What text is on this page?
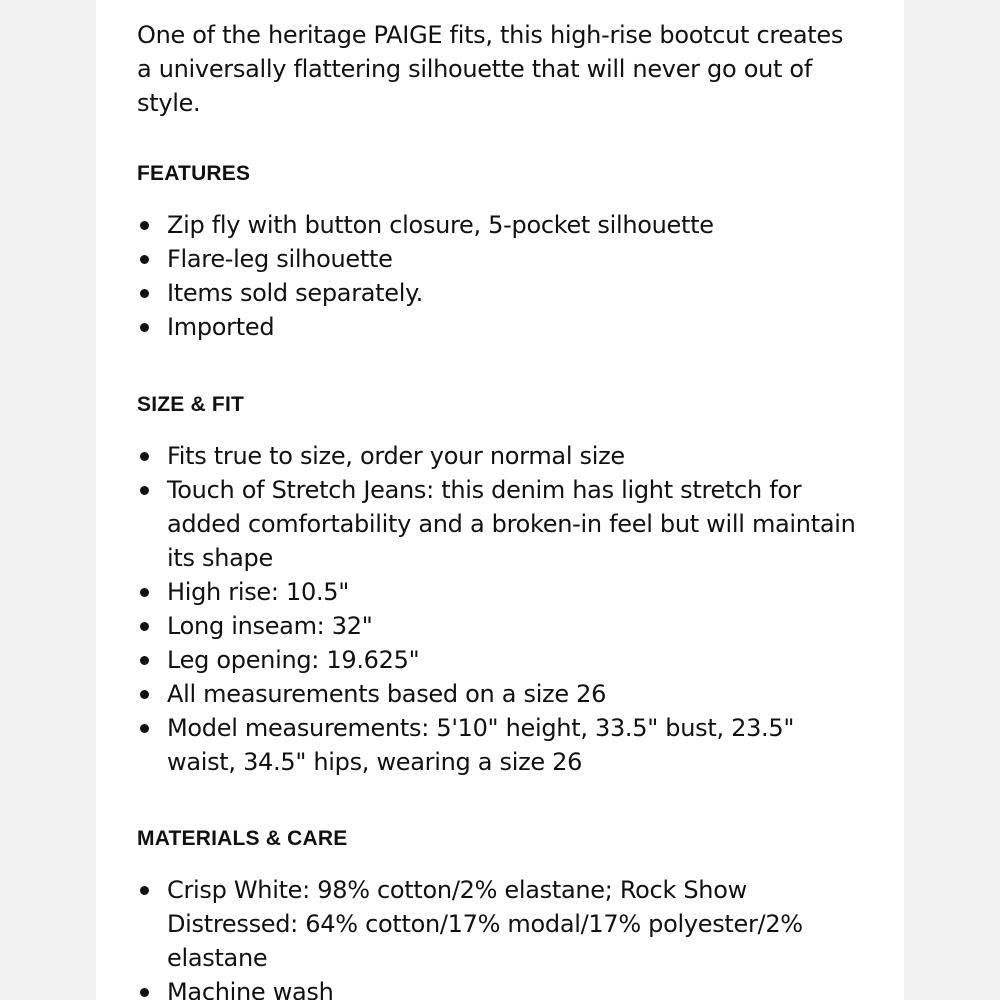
One of the heritage PAIGE fits, this high-rise bootcut creates a universally flattering silhouette that will never go out of style.

FEATURES
Zip fly with button closure, 5-pocket silhouette
Flare-leg silhouette
Items sold separately.
Imported
SIZE & FIT
Fits true to size, order your normal size
Touch of Stretch Jeans: this denim has light stretch for added comfortability and a broken-in feel but will maintain its shape
High rise: 10.5"
Long inseam: 32"
Leg opening: 19.625"
All measurements based on a size 26
Model measurements: 5'10" height, 33.5" bust, 23.5" waist, 34.5" hips, wearing a size 26
MATERIALS & CARE
Crisp White: 98% cotton/2% elastane; Rock Show Distressed: 64% cotton/17% modal/17% polyester/2% elastane
Machine wash
